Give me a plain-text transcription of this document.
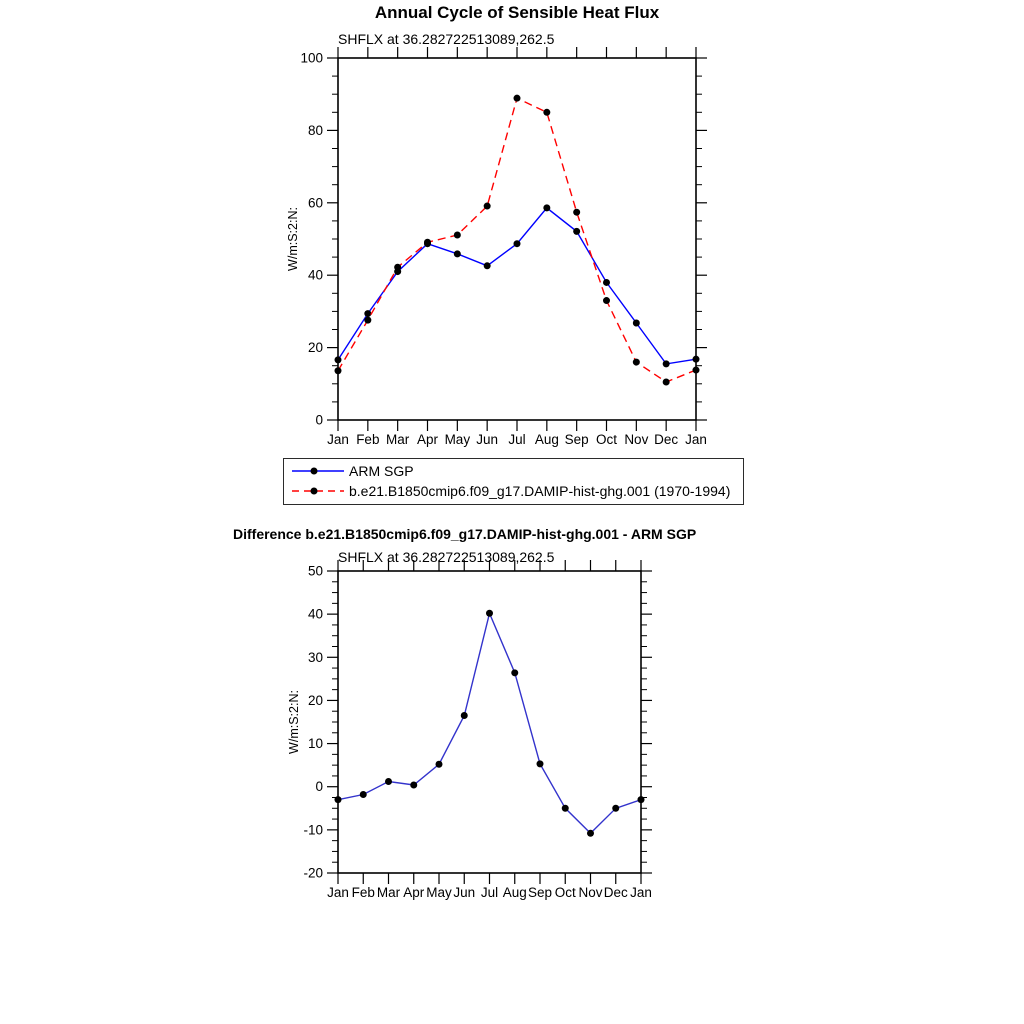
Jan Feb Mar Apr May Jun Jul Aug Sep Oct Nov Dec Jan
0
20
40
60
80
100
Jan Feb Mar Apr May Jun Jul Aug Sep Oct Nov Dec Jan
-20
-10
0
10
20
30
40
50
Annual Cycle of Sensible Heat Flux
SHFLX at 36.282722513089,262.5
W/m:S:2:N:
ARM SGP
b.e21.B1850cmip6.f09_g17.DAMIP-hist-ghg.001 (1970-1994)
Difference b.e21.B1850cmip6.f09_g17.DAMIP-hist-ghg.001 - ARM SGP
SHFLX at 36.282722513089,262.5
W/m:S:2:N:
